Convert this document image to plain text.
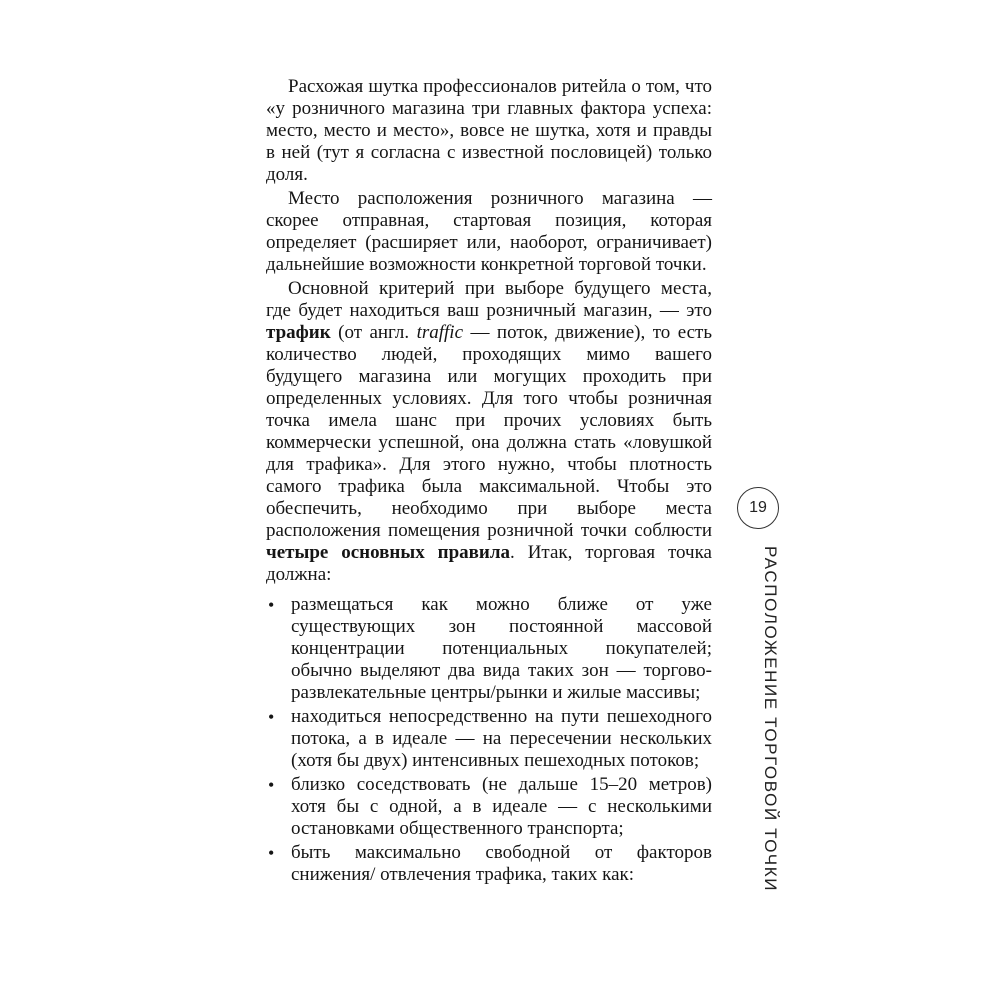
Расхожая шутка профессионалов ритейла о том, что «у розничного магазина три главных фактора успеха: место, место и место», вовсе не шутка, хотя и правды в ней (тут я согласна с известной пословицей) только доля.

Место расположения розничного магазина — скорее отправная, стартовая позиция, которая определяет (расширяет или, наоборот, ограничивает) дальнейшие возможности конкретной торговой точки.

Основной критерий при выборе будущего места, где будет находиться ваш розничный магазин, — это трафик (от англ. traffic — поток, движение), то есть количество людей, проходящих мимо вашего будущего магазина или могущих проходить при определенных условиях. Для того чтобы розничная точка имела шанс при прочих условиях быть коммерчески успешной, она должна стать «ловушкой для трафика». Для этого нужно, чтобы плотность самого трафика была максимальной. Чтобы это обеспечить, необходимо при выборе места расположения помещения розничной точки соблюсти четыре основных правила. Итак, торговая точка должна:

• размещаться как можно ближе от уже существующих зон постоянной массовой концентрации потенциальных покупателей; обычно выделяют два вида таких зон — торгово-развлекательные центры/рынки и жилые массивы;
• находиться непосредственно на пути пешеходного потока, а в идеале — на пересечении нескольких (хотя бы двух) интенсивных пешеходных потоков;
• близко соседствовать (не дальше 15–20 метров) хотя бы с одной, а в идеале — с несколькими остановками общественного транспорта;
• быть максимально свободной от факторов снижения/ отвлечения трафика, таких как:
19
РАСПОЛОЖЕНИЕ ТОРГОВОЙ ТОЧКИ
